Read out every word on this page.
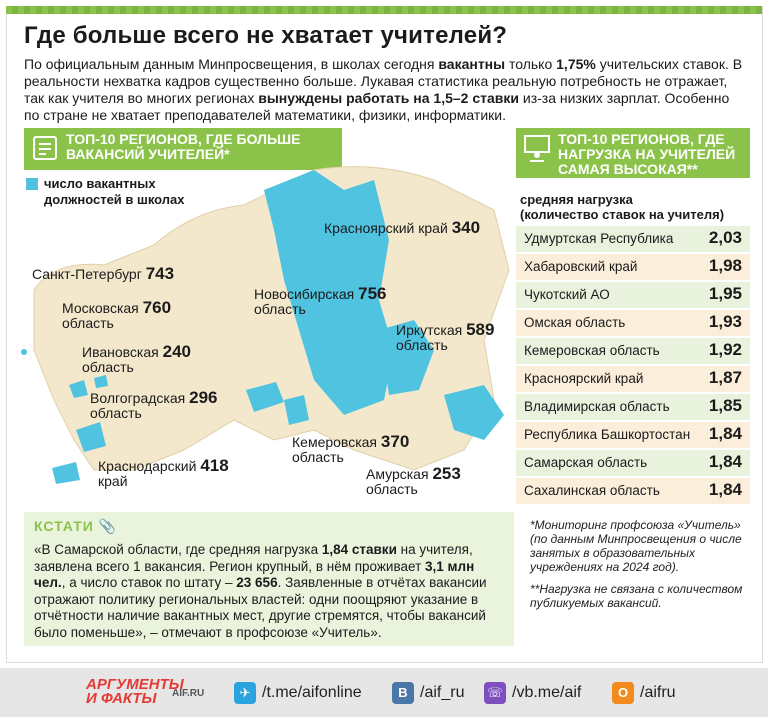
Где больше всего не хватает учителей?
По официальным данным Минпросвещения, в школах сегодня вакантны только 1,75% учительских ставок. В реальности нехватка кадров существенно больше. Лукавая статистика реальную потребность не отражает, так как учителя во многих регионах вынуждены работать на 1,5–2 ставки из-за низких зарплат. Особенно по стране не хватает преподавателей математики, физики, информатики.
ТОП-10 РЕГИОНОВ, ГДЕ БОЛЬШЕ
ВАКАНСИЙ УЧИТЕЛЕЙ*
ТОП-10 РЕГИОНОВ, ГДЕ
НАГРУЗКА НА УЧИТЕЛЕЙ
САМАЯ ВЫСОКАЯ**
число вакантных
должностей в школах
Красноярский край 340
Санкт-Петербург 743
Московская 760
область
Новосибирская 756
область
Иркутская 589
область
Ивановская 240
область
Волгоградская 296
область
Кемеровская 370
область
Краснодарский 418
край	Амурская 253
область
средняя нагрузка
(количество ставок на учителя)
Удмуртская Республика 2,03
Хабаровский край	1,98
Чукотский АО	1,95
Омская область	1,93
Кемеровская область	1,92
Красноярский край	1,87
Владимирская область 1,85
Республика Башкортостан 1,84
Самарская область	1,84
Сахалинская область	1,84
КСТАТИ 📎
«В Самарской области, где средняя нагрузка 1,84 ставки на учителя, заявлена всего 1 вакансия. Регион крупный, в нём проживает 3,1 млн чел., а число ставок по штату – 23 656. Заявленные в отчётах вакансии отражают политику региональных властей: одни поощряют указание в отчётности наличие вакантных мест, другие стремятся, чтобы вакансий было поменьше», – отмечают в профсоюзе «Учитель».
*Мониторинг профсоюза «Учитель» (по данным Минпросвещения о числе занятых в образовательных учреждениях на 2024 год).
**Нагрузка не связана с количеством публикуемых вакансий.
АРГУМЕНТЫ
И ФАКТЫ	AIF.RU	✈ /t.me/aifonline	B /aif_ru ☏ /vb.me/aif	O /aifru
